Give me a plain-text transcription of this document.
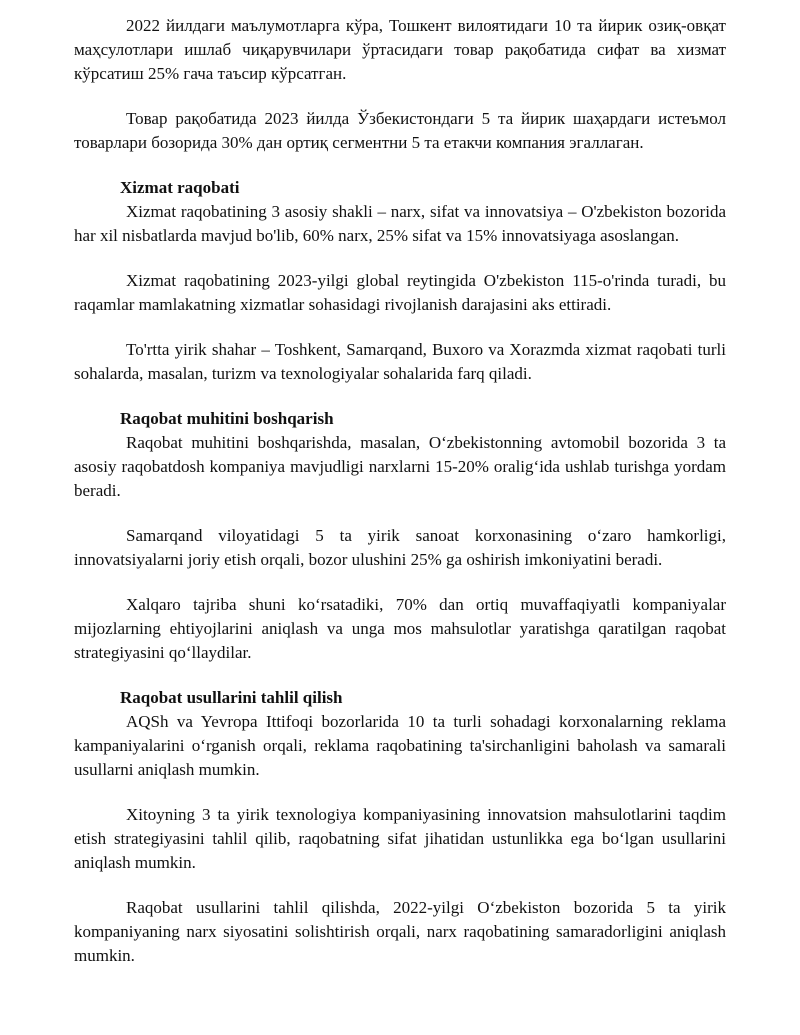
2022 йилдаги маълумотларга кўра, Тошкент вилоятидаги 10 та йирик озиқ-овқат маҳсулотлари ишлаб чиқарувчилари ўртасидаги товар рақобатида сифат ва хизмат кўрсатиш 25% гача таъсир кўрсатган.

Товар рақобатида 2023 йилда Ўзбекистондаги 5 та йирик шаҳардаги истеъмол товарлари бозорида 30% дан ортиқ сегментни 5 та етакчи компания эгаллаган.

Xizmat raqobati

Xizmat raqobatining 3 asosiy shakli – narx, sifat va innovatsiya – O'zbekiston bozorida har xil nisbatlarda mavjud bo'lib, 60% narx, 25% sifat va 15% innovatsiyaga asoslangan.

Xizmat raqobatining 2023-yilgi global reytingida O'zbekiston 115-o'rinda turadi, bu raqamlar mamlakatning xizmatlar sohasidagi rivojlanish darajasini aks ettiradi.

To'rtta yirik shahar – Toshkent, Samarqand, Buxoro va Xorazmda xizmat raqobati turli sohalarda, masalan, turizm va texnologiyalar sohalarida farq qiladi.

Raqobat muhitini boshqarish

Raqobat muhitini boshqarishda, masalan, O‘zbekistonning avtomobil bozorida 3 ta asosiy raqobatdosh kompaniya mavjudligi narxlarni 15-20% oralig‘ida ushlab turishga yordam beradi.

Samarqand viloyatidagi 5 ta yirik sanoat korxonasining o‘zaro hamkorligi, innovatsiyalarni joriy etish orqali, bozor ulushini 25% ga oshirish imkoniyatini beradi.

Xalqaro tajriba shuni ko‘rsatadiki, 70% dan ortiq muvaffaqiyatli kompaniyalar mijozlarning ehtiyojlarini aniqlash va unga mos mahsulotlar yaratishga qaratilgan raqobat strategiyasini qo‘llaydilar.

Raqobat usullarini tahlil qilish

AQSh va Yevropa Ittifoqi bozorlarida 10 ta turli sohadagi korxonalarning reklama kampaniyalarini o‘rganish orqali, reklama raqobatining ta'sirchanligini baholash va samarali usullarni aniqlash mumkin.

Xitoyning 3 ta yirik texnologiya kompaniyasining innovatsion mahsulotlarini taqdim etish strategiyasini tahlil qilib, raqobatning sifat jihatidan ustunlikka ega bo‘lgan usullarini aniqlash mumkin.

Raqobat usullarini tahlil qilishda, 2022-yilgi O‘zbekiston bozorida 5 ta yirik kompaniyaning narx siyosatini solishtirish orqali, narx raqobatining samaradorligini aniqlash mumkin.
